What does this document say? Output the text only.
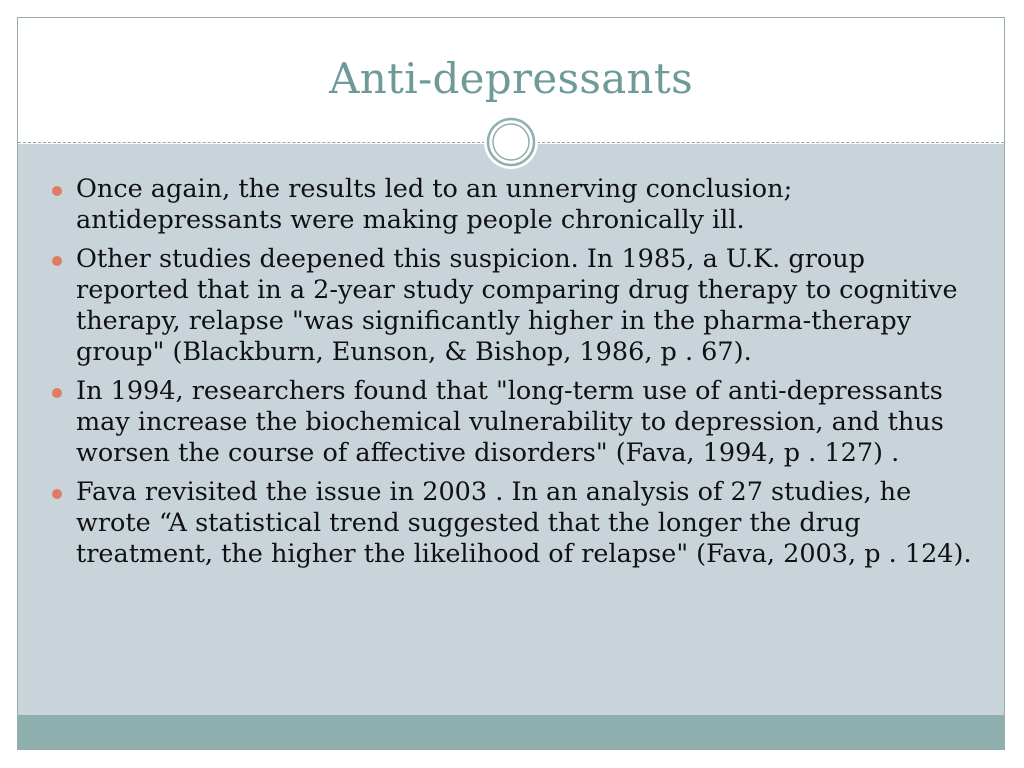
Anti-depressants
Once again, the results led to an unnerving conclusion; antidepressants were making people chronically ill.
Other studies deepened this suspicion. In 1985, a U.K. group reported that in a 2-year study comparing drug therapy to cognitive therapy, relapse "was significantly higher in the pharma-therapy group" (Blackburn, Eunson, & Bishop, 1986, p . 67).
In 1994, researchers found that "long-term use of anti-depressants may increase the biochemical vulnerability to depression, and thus worsen the course of affective disorders" (Fava, 1994, p . 127) .
Fava revisited the issue in 2003 . In an analysis of 27 studies, he wrote “A statistical trend suggested that the longer the drug treatment, the higher the likelihood of relapse" (Fava, 2003, p . 124).
